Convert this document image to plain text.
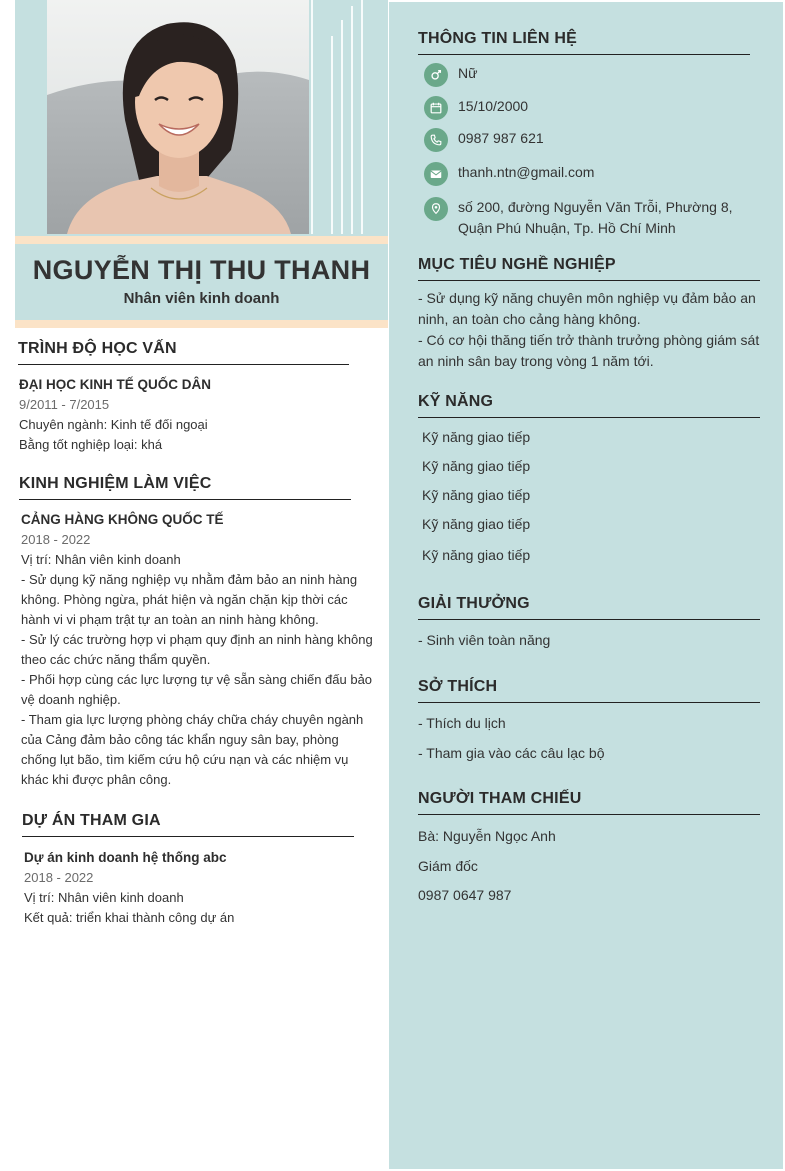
NGUYỄN THỊ THU THANH
Nhân viên kinh doanh
TRÌNH ĐỘ HỌC VẤN
ĐẠI HỌC KINH TẾ QUỐC DÂN
9/2011 - 7/2015
Chuyên ngành: Kinh tế đối ngoại
Bằng tốt nghiệp loại: khá
KINH NGHIỆM LÀM VIỆC
CẢNG HÀNG KHÔNG QUỐC TẾ
2018 - 2022
Vị trí: Nhân viên kinh doanh
- Sử dụng kỹ năng nghiệp vụ nhằm đảm bảo an ninh hàng
không. Phòng ngừa, phát hiện và ngăn chặn kịp thời các
hành vi vi phạm trật tự an toàn an ninh hàng không.
- Sử lý các trường hợp vi phạm quy định an ninh hàng không
theo các chức năng thẩm quyền.
- Phối hợp cùng các lực lượng tự vệ sẵn sàng chiến đấu bảo
vệ doanh nghiệp.
- Tham gia lực lượng phòng cháy chữa cháy chuyên ngành
của Cảng đảm bảo công tác khẩn nguy sân bay, phòng
chống lụt bão, tìm kiếm cứu hộ cứu nạn và các nhiệm vụ
khác khi được phân công.
DỰ ÁN THAM GIA
Dự án kinh doanh hệ thống abc
2018 - 2022
Vị trí: Nhân viên kinh doanh
Kết quả: triển khai thành công dự án
THÔNG TIN LIÊN HỆ
Nữ
15/10/2000
0987 987 621
thanh.ntn@gmail.com
số 200, đường Nguyễn Văn Trỗi, Phường 8,
Quận Phú Nhuận, Tp. Hồ Chí Minh
MỤC TIÊU NGHỀ NGHIỆP
- Sử dụng kỹ năng chuyên môn nghiệp vụ đảm bảo an
ninh, an toàn cho cảng hàng không.
- Có cơ hội thăng tiến trở thành trưởng phòng giám sát
an ninh sân bay trong vòng 1 năm tới.
KỸ NĂNG
Kỹ năng giao tiếp
Kỹ năng giao tiếp
Kỹ năng giao tiếp
Kỹ năng giao tiếp
Kỹ năng giao tiếp
GIẢI THƯỞNG
- Sinh viên toàn năng
SỞ THÍCH
- Thích du lịch
- Tham gia vào các câu lạc bộ
NGƯỜI THAM CHIẾU
Bà: Nguyễn Ngọc Anh
Giám đốc
0987 0647 987
